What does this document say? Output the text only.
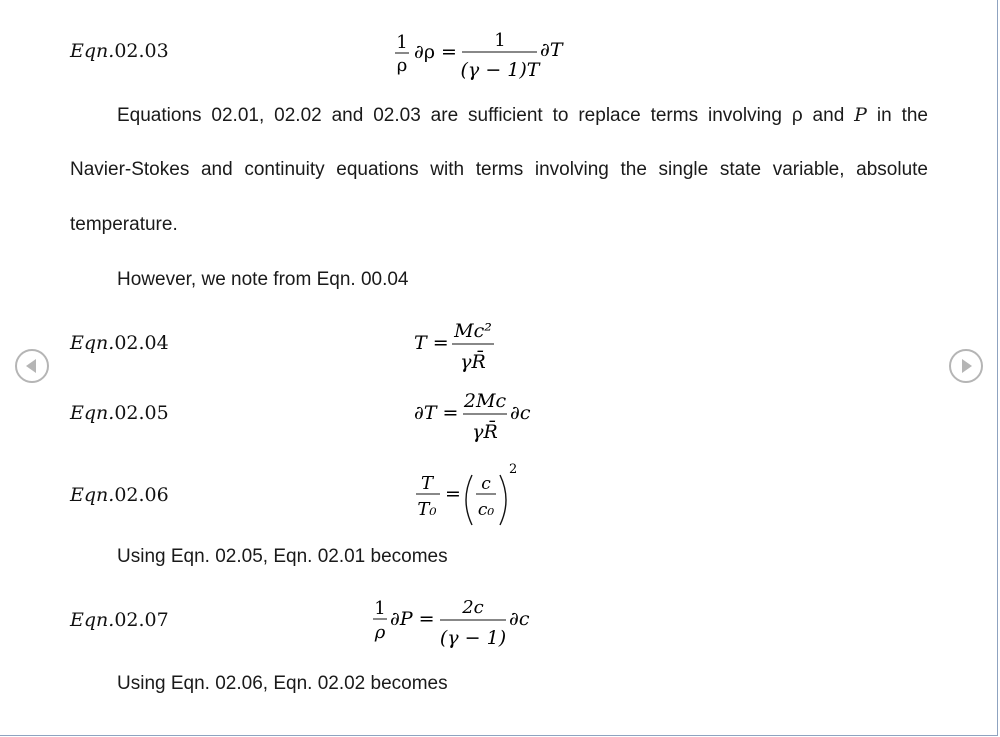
Eqn.02.03	1
ρ
∂ρ =
1
(γ − 1)T
∂T
Equations 02.01, 02.02 and 02.03 are sufficient to replace terms involving ρ and P in the
Navier-Stokes and continuity equations with terms involving the single state variable, absolute
temperature.
However, we note from Eqn. 00.04
Eqn.02.04	T =
Mc²
γR̄
Eqn.02.05	∂T =
2Mc
γR̄
∂c
Eqn.02.06
T
T₀
= c
c₀
2
Using Eqn. 02.05, Eqn. 02.01 becomes
Eqn.02.07
1
ρ
∂P =
2c
(γ − 1)
∂c
Using Eqn. 02.06, Eqn. 02.02 becomes
